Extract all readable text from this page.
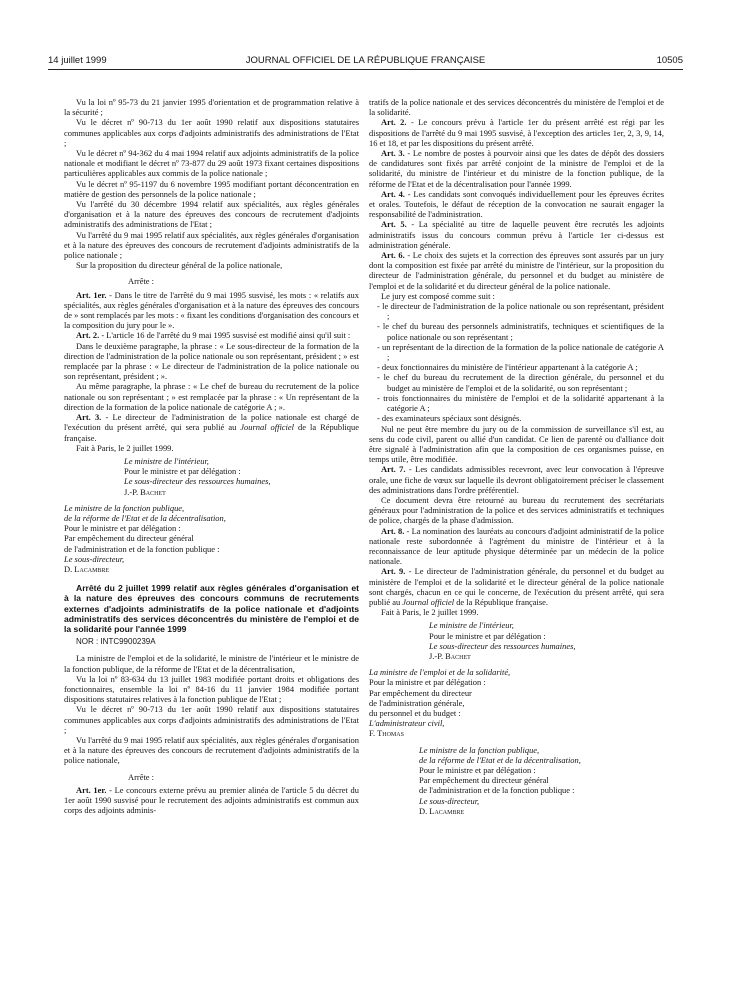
14 juillet 1999	JOURNAL OFFICIEL DE LA RÉPUBLIQUE FRANÇAISE	10505

Vu la loi nº 95-73 du 21 janvier 1995 d'orientation et de programmation relative à la sécurité ;

Vu le décret nº 90-713 du 1er août 1990 relatif aux dispositions statutaires communes applicables aux corps d'adjoints administratifs des administrations de l'Etat ;

Vu le décret nº 94-362 du 4 mai 1994 relatif aux adjoints administratifs de la police nationale et modifiant le décret nº 73-877 du 29 août 1973 fixant certaines dispositions particulières applicables aux commis de la police nationale ;

Vu le décret nº 95-1197 du 6 novembre 1995 modifiant portant déconcentration en matière de gestion des personnels de la police nationale ;

Vu l'arrêté du 30 décembre 1994 relatif aux spécialités, aux règles générales d'organisation et à la nature des épreuves des concours de recrutement d'adjoints administratifs des administrations de l'Etat ;

Vu l'arrêté du 9 mai 1995 relatif aux spécialités, aux règles générales d'organisation et à la nature des épreuves des concours de recrutement d'adjoints administratifs de la police nationale ;

Sur la proposition du directeur général de la police nationale,

Arrête :

Art. 1er. - Dans le titre de l'arrêté du 9 mai 1995 susvisé, les mots : « relatifs aux spécialités, aux règles générales d'organisation et à la nature des épreuves des concours de » sont remplacés par les mots : « fixant les conditions d'organisation des concours et la composition du jury pour le ».

Art. 2. - L'article 16 de l'arrêté du 9 mai 1995 susvisé est modifié ainsi qu'il suit :

Dans le deuxième paragraphe, la phrase : « Le sous-directeur de la formation de la direction de l'administration de la police nationale ou son représentant, président ; » est remplacée par la phrase : « Le directeur de l'administration de la police nationale ou son représentant, président ; ».

Au même paragraphe, la phrase : « Le chef de bureau du recrutement de la police nationale ou son représentant ; » est remplacée par la phrase : « Un représentant de la direction de la formation de la police nationale de catégorie A ; ».

Art. 3. - Le directeur de l'administration de la police nationale est chargé de l'exécution du présent arrêté, qui sera publié au Journal officiel de la République française.

Fait à Paris, le 2 juillet 1999.

Le ministre de l'intérieur,

Pour le ministre et par délégation :

Le sous-directeur des ressources humaines,

J.-P. Bachet

Le ministre de la fonction publique,

de la réforme de l'Etat et de la décentralisation,

Pour le ministre et par délégation :

Par empêchement du directeur général

de l'administration et de la fonction publique :

Le sous-directeur,

D. Lacambre

Arrêté du 2 juillet 1999 relatif aux règles générales d'organisation et à la nature des épreuves des concours communs de recrutements externes d'adjoints administratifs de la police nationale et d'adjoints administratifs des services déconcentrés du ministère de l'emploi et de la solidarité pour l'année 1999

NOR : INTC9900239A

La ministre de l'emploi et de la solidarité, le ministre de l'intérieur et le ministre de la fonction publique, de la réforme de l'Etat et de la décentralisation,

Vu la loi nº 83-634 du 13 juillet 1983 modifiée portant droits et obligations des fonctionnaires, ensemble la loi nº 84-16 du 11 janvier 1984 modifiée portant dispositions statutaires relatives à la fonction publique de l'Etat ;

Vu le décret nº 90-713 du 1er août 1990 relatif aux dispositions statutaires communes applicables aux corps d'adjoints administratifs des administrations de l'Etat ;

Vu l'arrêté du 9 mai 1995 relatif aux spécialités, aux règles générales d'organisation et à la nature des épreuves des concours de recrutement d'adjoints administratifs de la police nationale,

Arrête :

Art. 1er. - Le concours externe prévu au premier alinéa de l'article 5 du décret du 1er août 1990 susvisé pour le recrutement des adjoints administratifs est commun aux corps des adjoints adminis-

tratifs de la police nationale et des services déconcentrés du ministère de l'emploi et de la solidarité.

Art. 2. - Le concours prévu à l'article 1er du présent arrêté est régi par les dispositions de l'arrêté du 9 mai 1995 susvisé, à l'exception des articles 1er, 2, 3, 9, 14, 16 et 18, et par les dispositions du présent arrêté.

Art. 3. - Le nombre de postes à pourvoir ainsi que les dates de dépôt des dossiers de candidatures sont fixés par arrêté conjoint de la ministre de l'emploi et de la solidarité, du ministre de l'intérieur et du ministre de la fonction publique, de la réforme de l'Etat et de la décentralisation pour l'année 1999.

Art. 4. - Les candidats sont convoqués individuellement pour les épreuves écrites et orales. Toutefois, le défaut de réception de la convocation ne saurait engager la responsabilité de l'administration.

Art. 5. - La spécialité au titre de laquelle peuvent être recrutés les adjoints administratifs issus du concours commun prévu à l'article 1er ci-dessus est administration générale.

Art. 6. - Le choix des sujets et la correction des épreuves sont assurés par un jury dont la composition est fixée par arrêté du ministre de l'intérieur, sur la proposition du directeur de l'administration générale, du personnel et du budget au ministère de l'emploi et de la solidarité et du directeur général de la police nationale.

Le jury est composé comme suit :

- le directeur de l'administration de la police nationale ou son représentant, président ;

- le chef du bureau des personnels administratifs, techniques et scientifiques de la police nationale ou son représentant ;

- un représentant de la direction de la formation de la police nationale de catégorie A ;

- deux fonctionnaires du ministère de l'intérieur appartenant à la catégorie A ;

- le chef du bureau du recrutement de la direction générale, du personnel et du budget au ministère de l'emploi et de la solidarité, ou son représentant ;

- trois fonctionnaires du ministère de l'emploi et de la solidarité appartenant à la catégorie A ;

- des examinateurs spéciaux sont désignés.

Nul ne peut être membre du jury ou de la commission de surveillance s'il est, au sens du code civil, parent ou allié d'un candidat. Ce lien de parenté ou d'alliance doit être signalé à l'administration afin que la composition de ces organismes puisse, en temps utile, être modifiée.

Art. 7. - Les candidats admissibles recevront, avec leur convocation à l'épreuve orale, une fiche de vœux sur laquelle ils devront obligatoirement préciser le classement des administrations dans l'ordre préférentiel.

Ce document devra être retourné au bureau du recrutement des secrétariats généraux pour l'administration de la police et des services administratifs et techniques de police, chargés de la phase d'admission.

Art. 8. - La nomination des lauréats au concours d'adjoint administratif de la police nationale reste subordonnée à l'agrément du ministre de l'intérieur et à la reconnaissance de leur aptitude physique déterminée par un médecin de la police nationale.

Art. 9. - Le directeur de l'administration générale, du personnel et du budget au ministère de l'emploi et de la solidarité et le directeur général de la police nationale sont chargés, chacun en ce qui le concerne, de l'exécution du présent arrêté, qui sera publié au Journal officiel de la République française.

Fait à Paris, le 2 juillet 1999.

Le ministre de l'intérieur,

Pour le ministre et par délégation :

Le sous-directeur des ressources humaines,

J.-P. Bachet

La ministre de l'emploi et de la solidarité,

Pour la ministre et par délégation :

Par empêchement du directeur

de l'administration générale,

du personnel et du budget :

L'administrateur civil,

F. Thomas

Le ministre de la fonction publique,

de la réforme de l'Etat et de la décentralisation,

Pour le ministre et par délégation :

Par empêchement du directeur général

de l'administration et de la fonction publique :

Le sous-directeur,

D. Lacambre
